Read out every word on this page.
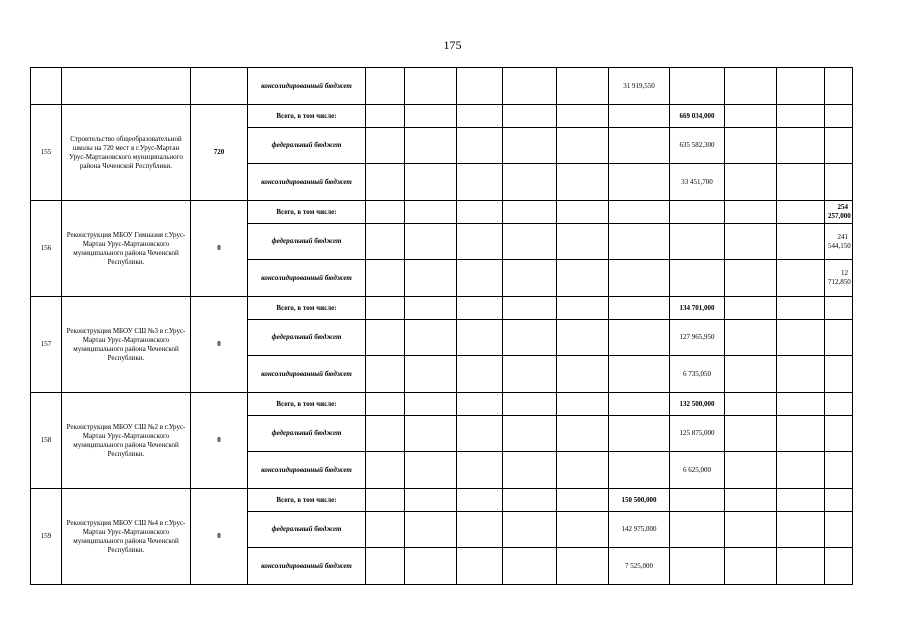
175
			консолидированный бюджет						31 919,550				
155	Строительство общеобразовательной школы на 720 мест в г.Урус-Мартан Урус-Мартановского муниципального района Чеченской Республики.	720	Всего, в том числе:							669 034,000			
			федеральный бюджет							635 582,300			
			консолидированный бюджет							33 451,700			
156	Реконструкция МБОУ Гимназия г.Урус-Мартан Урус-Мартановского муниципального района Чеченской Республики.	0	Всего, в том числе:										254 257,000
			федеральный бюджет										241 544,150
			консолидированный бюджет										12 712,850
157	Реконструкция МБОУ СШ №3 в г.Урус-Мартан Урус-Мартановского муниципального района Чеченской Республики.	0	Всего, в том числе:							134 701,000			
			федеральный бюджет							127 965,950			
			консолидированный бюджет							6 735,050			
158	Реконструкция МБОУ СШ №2 в г.Урус-Мартан Урус-Мартановского муниципального района Чеченской Республики.	0	Всего, в том числе:							132 500,000			
			федеральный бюджет							125 875,000			
			консолидированный бюджет							6 625,000			
159	Реконструкция МБОУ СШ №4 в г.Урус-Мартан Урус-Мартановского муниципального района Чеченской Республики.	0	Всего, в том числе:						150 500,000				
			федеральный бюджет						142 975,000				
			консолидированный бюджет						7 525,000				
